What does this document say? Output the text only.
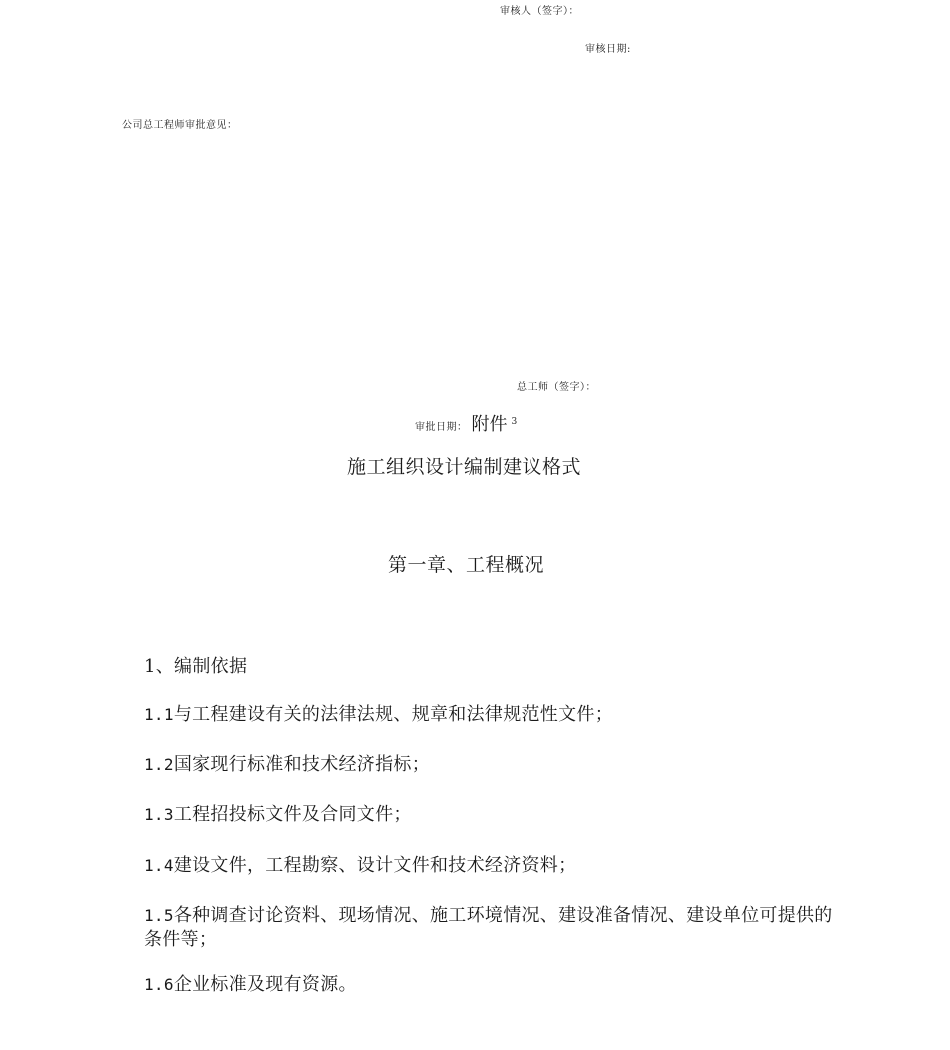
审核人（签字）：
审核日期:
公司总工程师审批意见：
总工师（签字）：
审批日期： 附件 $^3$
施工组织设计编制建议格式
第一章、工程概况
1、编制依据
1.1与工程建设有关的法律法规、规章和法律规范性文件；
1.2国家现行标准和技术经济指标；
1.3工程招投标文件及合同文件；
1.4建设文件，工程勘察、设计文件和技术经济资料；
1.5各种调查讨论资料、现场情况、施工环境情况、建设准备情况、建设单位可提供的条件等；
1.6企业标准及现有资源。
